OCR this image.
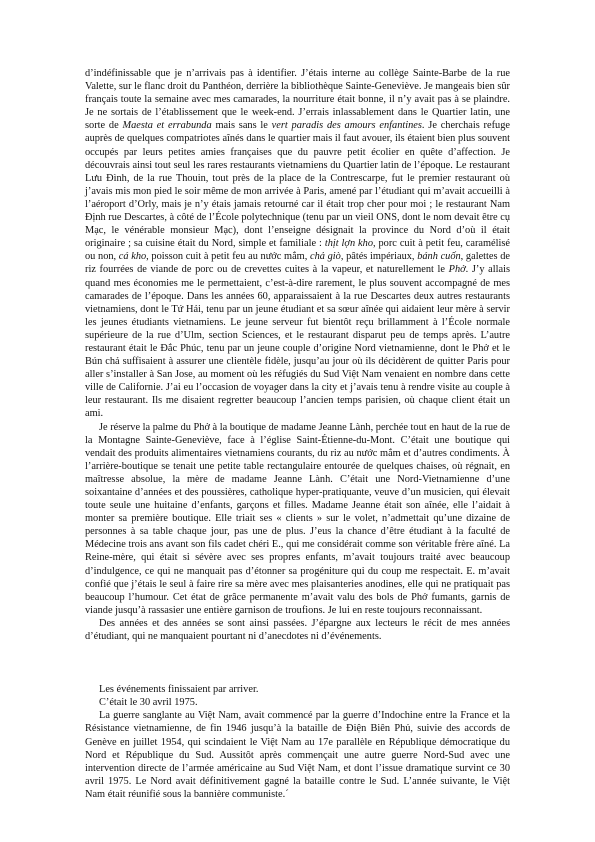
d’indéfinissable que je n’arrivais pas à identifier. J’étais interne au collège Sainte-Barbe de la rue Valette, sur le flanc droit du Panthéon, derrière la bibliothèque Sainte-Geneviève. Je mangeais bien sûr français toute la semaine avec mes camarades, la nourriture était bonne, il n’y avait pas à se plaindre. Je ne sortais de l’établissement que le week-end. J’errais inlassablement dans le Quartier latin, une sorte de Maesta et errabunda mais sans le vert paradis des amours enfantines. Je cherchais refuge auprès de quelques compatriotes aînés dans le quartier mais il faut avouer, ils étaient bien plus souvent occupés par leurs petites amies françaises que du pauvre petit écolier en quête d’affection. Je découvrais ainsi tout seul les rares restaurants vietnamiens du Quartier latin de l’époque. Le restaurant Lưu Đình, de la rue Thouin, tout près de la place de la Contrescarpe, fut le premier restaurant où j’avais mis mon pied le soir même de mon arrivée à Paris, amené par l’étudiant qui m’avait accueilli à l’aéroport d’Orly, mais je n’y étais jamais retourné car il était trop cher pour moi ; le restaurant Nam Định rue Descartes, à côté de l’École polytechnique (tenu par un vieil ONS, dont le nom devait être cụ Mạc, le vénérable monsieur Mạc), dont l’enseigne désignait la province du Nord d’où il était originaire ; sa cuisine était du Nord, simple et familiale : thịt lợn kho, porc cuit à petit feu, caramélisé ou non, cá kho, poisson cuit à petit feu au nước mắm, chả giò, pâtés impériaux, bánh cuốn, galettes de riz fourrées de viande de porc ou de crevettes cuites à la vapeur, et naturellement le Phở. J’y allais quand mes économies me le permettaient, c’est-à-dire rarement, le plus souvent accompagné de mes camarades de l’époque. Dans les années 60, apparaissaient à la rue Descartes deux autres restaurants vietnamiens, dont le Tứ Hải, tenu par un jeune étudiant et sa sœur aînée qui aidaient leur mère à servir les jeunes étudiants vietnamiens. Le jeune serveur fut bientôt reçu brillamment à l’École normale supérieure de la rue d’Ulm, section Sciences, et le restaurant disparut peu de temps après. L’autre restaurant était le Đắc Phúc, tenu par un jeune couple d’origine Nord vietnamienne, dont le Phở et le Bún chả suffisaient à assurer une clientèle fidèle, jusqu’au jour où ils décidèrent de quitter Paris pour aller s’installer à San Jose, au moment où les réfugiés du Sud Việt Nam venaient en nombre dans cette ville de Californie. J’ai eu l’occasion de voyager dans la city et j’avais tenu à rendre visite au couple à leur restaurant. Ils me disaient regretter beaucoup l’ancien temps parisien, où chaque client était un ami.

Je réserve la palme du Phở à la boutique de madame Jeanne Lành, perchée tout en haut de la rue de la Montagne Sainte-Geneviève, face à l’église Saint-Étienne-du-Mont. C’était une boutique qui vendait des produits alimentaires vietnamiens courants, du riz au nước mắm et d’autres condiments. À l’arrière-boutique se tenait une petite table rectangulaire entourée de quelques chaises, où régnait, en maîtresse absolue, la mère de madame Jeanne Lành. C’était une Nord-Vietnamienne d’une soixantaine d’années et des poussières, catholique hyper-pratiquante, veuve d’un musicien, qui élevait toute seule une huitaine d’enfants, garçons et filles. Madame Jeanne était son aînée, elle l’aidait à monter sa première boutique. Elle triait ses « clients » sur le volet, n’admettait qu’une dizaine de personnes à sa table chaque jour, pas une de plus. J’eus la chance d’être étudiant à la faculté de Médecine trois ans avant son fils cadet chéri E., qui me considérait comme son véritable frère aîné. La Reine-mère, qui était si sévère avec ses propres enfants, m’avait toujours traité avec beaucoup d’indulgence, ce qui ne manquait pas d’étonner sa progéniture qui du coup me respectait. E. m’avait confié que j’étais le seul à faire rire sa mère avec mes plaisanteries anodines, elle qui ne pratiquait pas beaucoup l’humour. Cet état de grâce permanente m’avait valu des bols de Phở fumants, garnis de viande jusqu’à rassasier une entière garnison de troufions. Je lui en reste toujours reconnaissant.

Des années et des années se sont ainsi passées. J’épargne aux lecteurs le récit de mes années d’étudiant, qui ne manquaient pourtant ni d’anecdotes ni d’événements.

Les événements finissaient par arriver.

C’était le 30 avril 1975.

La guerre sanglante au Việt Nam, avait commencé par la guerre d’Indochine entre la France et la Résistance vietnamienne, de fin 1946 jusqu’à la bataille de Điện Biên Phủ, suivie des accords de Genève en juillet 1954, qui scindaient le Việt Nam au 17e parallèle en République démocratique du Nord et République du Sud. Aussitôt après commençait une autre guerre Nord-Sud avec une intervention directe de l’armée américaine au Sud Việt Nam, et dont l’issue dramatique survint ce 30 avril 1975. Le Nord avait définitivement gagné la bataille contre le Sud. L’année suivante, le Việt Nam était réunifié sous la bannière communiste.´
